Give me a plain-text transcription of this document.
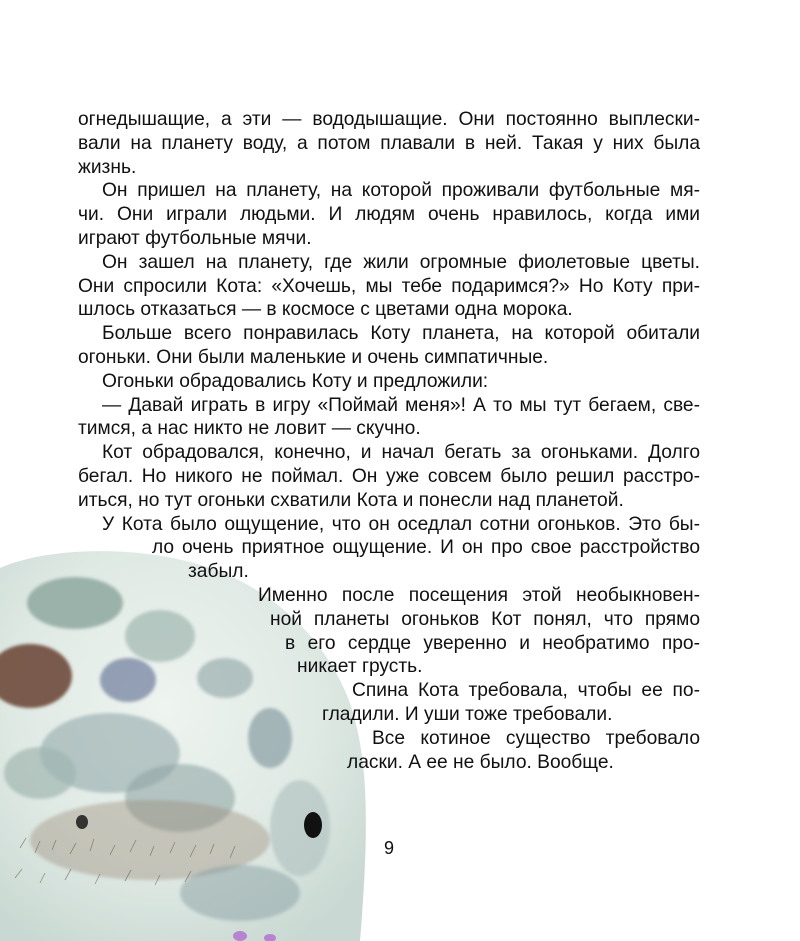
огнедышащие, а эти — вододышащие. Они постоянно выплески-
вали на планету воду, а потом плавали в ней. Такая у них была
жизнь.
Он пришел на планету, на которой проживали футбольные мя-
чи. Они играли людьми. И людям очень нравилось, когда ими
играют футбольные мячи.
Он зашел на планету, где жили огромные фиолетовые цветы.
Они спросили Кота: «Хочешь, мы тебе подаримся?» Но Коту при-
шлось отказаться — в космосе с цветами одна морока.
Больше всего понравилась Коту планета, на которой обитали
огоньки. Они были маленькие и очень симпатичные.
Огоньки обрадовались Коту и предложили:
— Давай играть в игру «Поймай меня»! А то мы тут бегаем, све-
тимся, а нас никто не ловит — скучно.
Кот обрадовался, конечно, и начал бегать за огоньками. Долго
бегал. Но никого не поймал. Он уже совсем было решил расстро-
иться, но тут огоньки схватили Кота и понесли над планетой.
У Кота было ощущение, что он оседлал сотни огоньков. Это бы-
ло очень приятное ощущение. И он про свое расстройство
забыл.
Именно после посещения этой необыкновен-
ной планеты огоньков Кот понял, что прямо
в его сердце уверенно и необратимо про-
никает грусть.
Спина Кота требовала, чтобы ее по-
гладили. И уши тоже требовали.
Все котиное существо требовало
ласки. А ее не было. Вообще.
9
